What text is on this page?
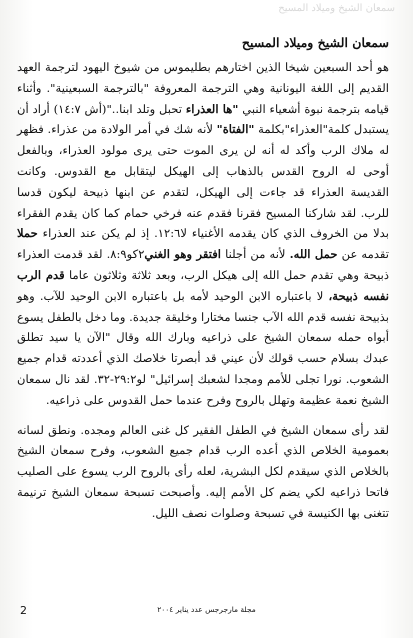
سمعان الشيخ وميلاد المسيح
سمعان الشيخ وميلاد المسيح

هو أحد السبعين شيخا الذين اختارهم بطليموس من شيوخ اليهود لترجمة العهد القديم إلى اللغة اليونانية وهي الترجمة المعروفة "بالترجمة السبعينية". وأثناء قيامه بترجمة نبوة أشعياء النبي "ها العذراء تحبل وتلد ابنا.."(أش ١٤:٧) أراد أن يستبدل كلمة"العذراء"بكلمة "الفتاة" لأنه شك في أمر الولادة من عذراء. فظهر له ملاك الرب وأكد له أنه لن يرى الموت حتى يرى مولود العذراء، وبالفعل أوحى له الروح القدس بالذهاب إلى الهيكل ليتقابل مع القدوس. وكانت القديسة العذراء قد جاءت إلى الهيكل، لتقدم عن ابنها ذبيحة ليكون قدسا للرب. لقد شاركنا المسيح فقرنا فقدم عنه فرخي حمام كما كان يقدم الفقراء بدلا من الخروف الذي كان يقدمه الأغنياء لا١٢:٦. إذ لم يكن عند العذراء حملا تقدمه عن حمل الله. لأنه من أجلنا افتقر وهو الغني٢كو٨:٩. لقد قدمت العذراء ذبيحة وهي تقدم حمل الله إلى هيكل الرب، وبعد ثلاثة وثلاثون عاما قدم الرب نفسه ذبيحة، لا باعتباره الابن الوحيد لأمه بل باعتباره الابن الوحيد للآب. وهو بذبيحة نفسه قدم الله الآب جنسا مختارا وخليقة جديدة. وما دخل بالطفل يسوع أبواه حمله سمعان الشيخ على ذراعيه وبارك الله وقال "الآن يا سيد تطلق عبدك بسلام حسب قولك لأن عيني قد أبصرتا خلاصك الذي أعددته قدام جميع الشعوب. نورا تجلى للأمم ومجدا لشعبك إسرائيل" لو٢٩:٢-٣٢. لقد نال سمعان الشيخ نعمة عظيمة وتهلل بالروح وفرح عندما حمل القدوس على ذراعيه.

لقد رأى سمعان الشيخ في الطفل الفقير كل غنى العالم ومجده. ونطق لسانه بعمومية الخلاص الذي أعده الرب قدام جميع الشعوب، وفرح سمعان الشيخ بالخلاص الذي سيقدم لكل البشرية، لعله رأى بالروح الرب يسوع على الصليب فاتحا ذراعيه لكي يضم كل الأمم إليه. وأصبحت تسبحة سمعان الشيخ ترنيمة تتغنى بها الكنيسة في تسبحة وصلوات نصف الليل.

2	مجلة مارجرجس عدد يناير ٢٠٠٤
